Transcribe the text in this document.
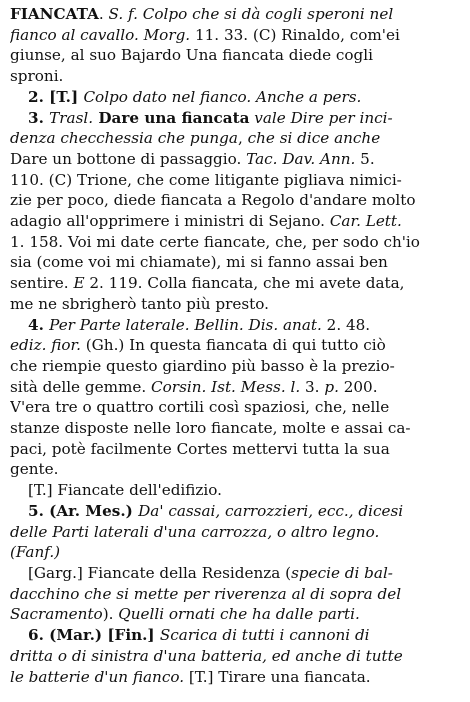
FIANCATA. S. f. Colpo che si dà cogli speroni nel
fianco al cavallo. Morg. 11. 33. (C) Rinaldo, com'ei
giunse, al suo Bajardo Una fiancata diede cogli
sproni.
2. [T.] Colpo dato nel fianco. Anche a pers.
3. Trasl. Dare una fiancata vale Dire per inci-
denza checchessia che punga, che si dice anche
Dare un bottone di passaggio. Tac. Dav. Ann. 5.
110. (C) Trione, che come litigante pigliava nimici-
zie per poco, diede fiancata a Regolo d'andare molto
adagio all'opprimere i ministri di Sejano. Car. Lett.
1. 158. Voi mi date certe fiancate, che, per sodo ch'io
sia (come voi mi chiamate), mi si fanno assai ben
sentire. E 2. 119. Colla fiancata, che mi avete data,
me ne sbrigherò tanto più presto.
4. Per Parte laterale. Bellin. Dis. anat. 2. 48.
ediz. fior. (Gh.) In questa fiancata di qui tutto ciò
che riempie questo giardino più basso è la prezio-
sità delle gemme. Corsin. Ist. Mess. l. 3. p. 200.
V'era tre o quattro cortili così spaziosi, che, nelle
stanze disposte nelle loro fiancate, molte e assai ca-
paci, potè facilmente Cortes mettervi tutta la sua
gente.
[T.] Fiancate dell'edifizio.
5. (Ar. Mes.) Da' cassai, carrozzieri, ecc., dicesi
delle Parti laterali d'una carrozza, o altro legno.
(Fanf.)
[Garg.] Fiancate della Residenza (specie di bal-
dacchino che si mette per riverenza al di sopra del
Sacramento). Quelli ornati che ha dalle parti.
6. (Mar.) [Fin.] Scarica di tutti i cannoni di
dritta o di sinistra d'una batteria, ed anche di tutte
le batterie d'un fianco. [T.] Tirare una fiancata.
